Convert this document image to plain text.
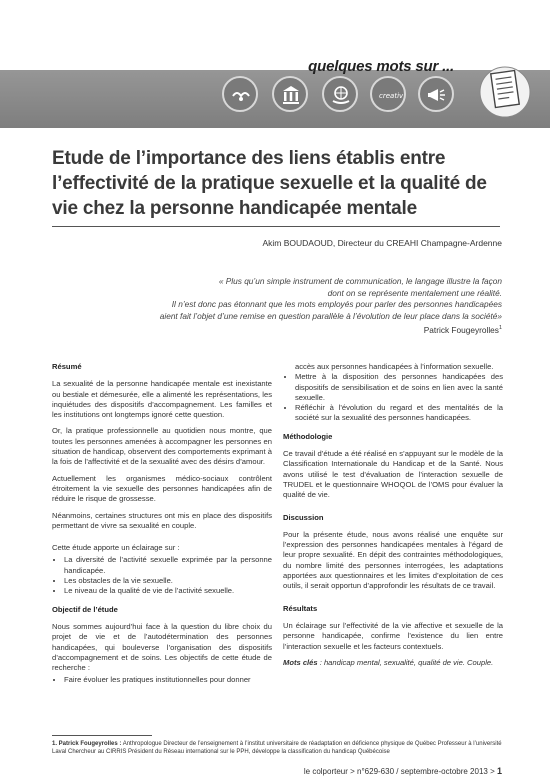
quelques mots sur ...
creativ
Etude de l’importance des liens établis entre l’effectivité de la pratique sexuelle et la qualité de vie chez la personne handicapée mentale
Akim BOUDAOUD, Directeur du CREAHI Champagne-Ardenne
« Plus qu’un simple instrument de communication, le langage illustre la façon
dont on se représente mentalement une réalité.
Il n’est donc pas étonnant que les mots employés pour parler des personnes handicapées
aient fait l’objet d’une remise en question parallèle à l’évolution de leur place dans la société»
Patrick Fougeyrolles$^1$
Résumé

La sexualité de la personne handicapée mentale est inexistante ou bestiale et démesurée, elle a alimenté les représentations, les inquiétudes des dispositifs d’accompagnement. Les familles et les institutions ont longtemps ignoré cette question.

Or, la pratique professionnelle au quotidien nous montre, que toutes les personnes amenées à accompagner les personnes en situation de handicap, observent des comportements exprimant à la fois de l’affectivité et de la sexualité avec des désirs d’amour.

Actuellement les organismes médico-sociaux contrôlent étroitement la vie sexuelle des personnes handicapées afin de réduire le risque de grossesse.

Néanmoins, certaines structures ont mis en place des dispositifs permettant de vivre sa sexualité en couple.

Cette étude apporte un éclairage sur :

• La diversité de l’activité sexuelle exprimée par la personne handicapée.
• Les obstacles de la vie sexuelle.
• Le niveau de la qualité de vie de l’activité sexuelle.
Objectif de l’étude

Nous sommes aujourd’hui face à la question du libre choix du projet de vie et de l’autodétermination des personnes handicapées, qui bouleverse l’organisation des dispositifs d’accompagnement et de soins. Les objectifs de cette étude de recherche :

• Faire évoluer les pratiques institutionnelles pour donner

accès aux personnes handicapées à l’information sexuelle.

• Mettre à la disposition des personnes handicapées des dispositifs de sensibilisation et de soins en lien avec la santé sexuelle.
• Réfléchir à l’évolution du regard et des mentalités de la société sur la sexualité des personnes handicapées.
Méthodologie

Ce travail d’étude a été réalisé en s’appuyant sur le modèle de la Classification Internationale du Handicap et de la Santé. Nous avons utilisé le test d’évaluation de l’interaction sexuelle de TRUDEL et le questionnaire WHOQOL de l’OMS pour évaluer la qualité de vie.

Discussion

Pour la présente étude, nous avons réalisé une enquête sur l’expression des personnes handicapées mentales à l’égard de leur propre sexualité. En dépit des contraintes méthodologiques, du nombre limité des personnes interrogées, les adaptations apportées aux questionnaires et les limites d’exploitation de ces outils, il serait opportun d’approfondir les résultats de ce travail.

Résultats

Un éclairage sur l’effectivité de la vie affective et sexuelle de la personne handicapée, confirme l’existence du lien entre l’interaction sexuelle et les facteurs contextuels.

Mots clés : handicap mental, sexualité, qualité de vie. Couple.

1. Patrick Fougeyrolles : Anthropologue Directeur de l’enseignement à l’institut universitaire de réadaptation en déficience physique de Québec Professeur à l’université Laval Chercheur au CIRRIS Président du Réseau international sur le PPH, développe la classification du handicap Québécoise
le colporteur > n°629-630 / septembre-octobre 2013 > 1
